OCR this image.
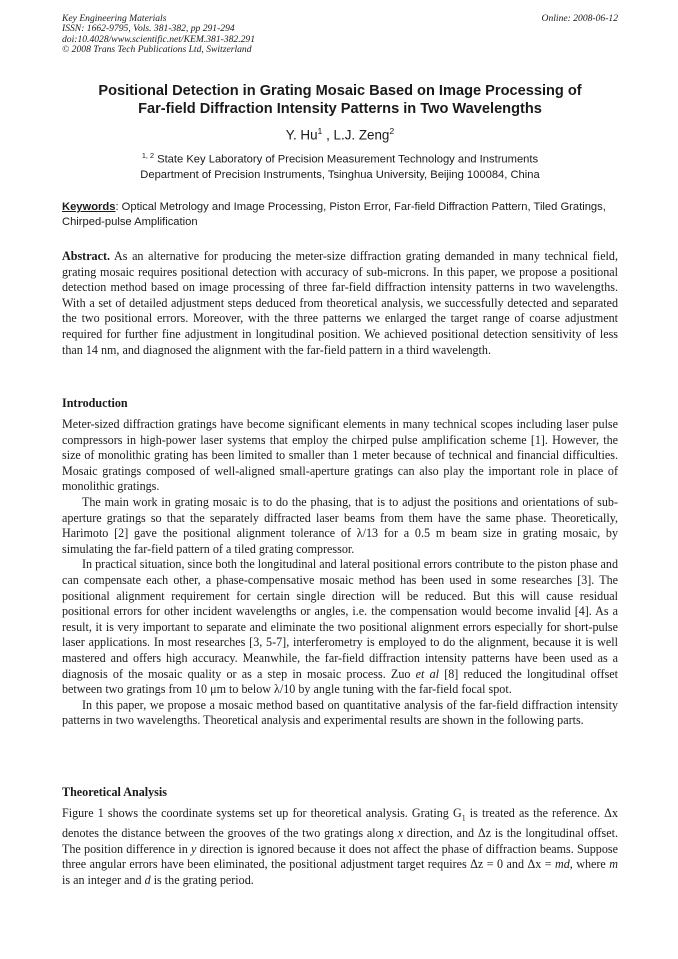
Key Engineering Materials
ISSN: 1662-9795, Vols. 381-382, pp 291-294
doi:10.4028/www.scientific.net/KEM.381-382.291
© 2008 Trans Tech Publications Ltd, Switzerland
Online: 2008-06-12
Positional Detection in Grating Mosaic Based on Image Processing of
Far-field Diffraction Intensity Patterns in Two Wavelengths
Y. Hu$^1$ , L.J. Zeng$^2$
$^{1, 2}$ State Key Laboratory of Precision Measurement Technology and Instruments
Department of Precision Instruments, Tsinghua University, Beijing 100084, China
Keywords: Optical Metrology and Image Processing, Piston Error, Far-field Diffraction Pattern, Tiled Gratings, Chirped-pulse Amplification
Abstract. As an alternative for producing the meter-size diffraction grating demanded in many technical field, grating mosaic requires positional detection with accuracy of sub-microns. In this paper, we propose a positional detection method based on image processing of three far-field diffraction intensity patterns in two wavelengths. With a set of detailed adjustment steps deduced from theoretical analysis, we successfully detected and separated the two positional errors. Moreover, with the three patterns we enlarged the target range of coarse adjustment required for further fine adjustment in longitudinal position. We achieved positional detection sensitivity of less than 14 nm, and diagnosed the alignment with the far-field pattern in a third wavelength.
Introduction

Meter-sized diffraction gratings have become significant elements in many technical scopes including laser pulse compressors in high-power laser systems that employ the chirped pulse amplification scheme [1]. However, the size of monolithic grating has been limited to smaller than 1 meter because of technical and financial difficulties. Mosaic gratings composed of well-aligned small-aperture gratings can also play the important role in place of monolithic gratings.

The main work in grating mosaic is to do the phasing, that is to adjust the positions and orientations of sub-aperture gratings so that the separately diffracted laser beams from them have the same phase. Theoretically, Harimoto [2] gave the positional alignment tolerance of λ/13 for a 0.5 m beam size in grating mosaic, by simulating the far-field pattern of a tiled grating compressor.

In practical situation, since both the longitudinal and lateral positional errors contribute to the piston phase and can compensate each other, a phase-compensative mosaic method has been used in some researches [3]. The positional alignment requirement for certain single direction will be reduced. But this will cause residual positional errors for other incident wavelengths or angles, i.e. the compensation would become invalid [4]. As a result, it is very important to separate and eliminate the two positional alignment errors especially for short-pulse laser applications. In most researches [3, 5-7], interferometry is employed to do the alignment, because it is well mastered and offers high accuracy. Meanwhile, the far-field diffraction intensity patterns have been used as a diagnosis of the mosaic quality or as a step in mosaic process. Zuo et al [8] reduced the longitudinal offset between two gratings from 10 μm to below λ/10 by angle tuning with the far-field focal spot.

In this paper, we propose a mosaic method based on quantitative analysis of the far-field diffraction intensity patterns in two wavelengths. Theoretical analysis and experimental results are shown in the following parts.

Theoretical Analysis
Figure 1 shows the coordinate systems set up for theoretical analysis. Grating $G_1$ is treated as the reference. Δx denotes the distance between the grooves of the two gratings along x direction, and Δz is the longitudinal offset. The position difference in y direction is ignored because it does not affect the phase of diffraction beams. Suppose three angular errors have been eliminated, the positional adjustment target requires Δz = 0 and Δx = md, where m is an integer and d is the grating period.
